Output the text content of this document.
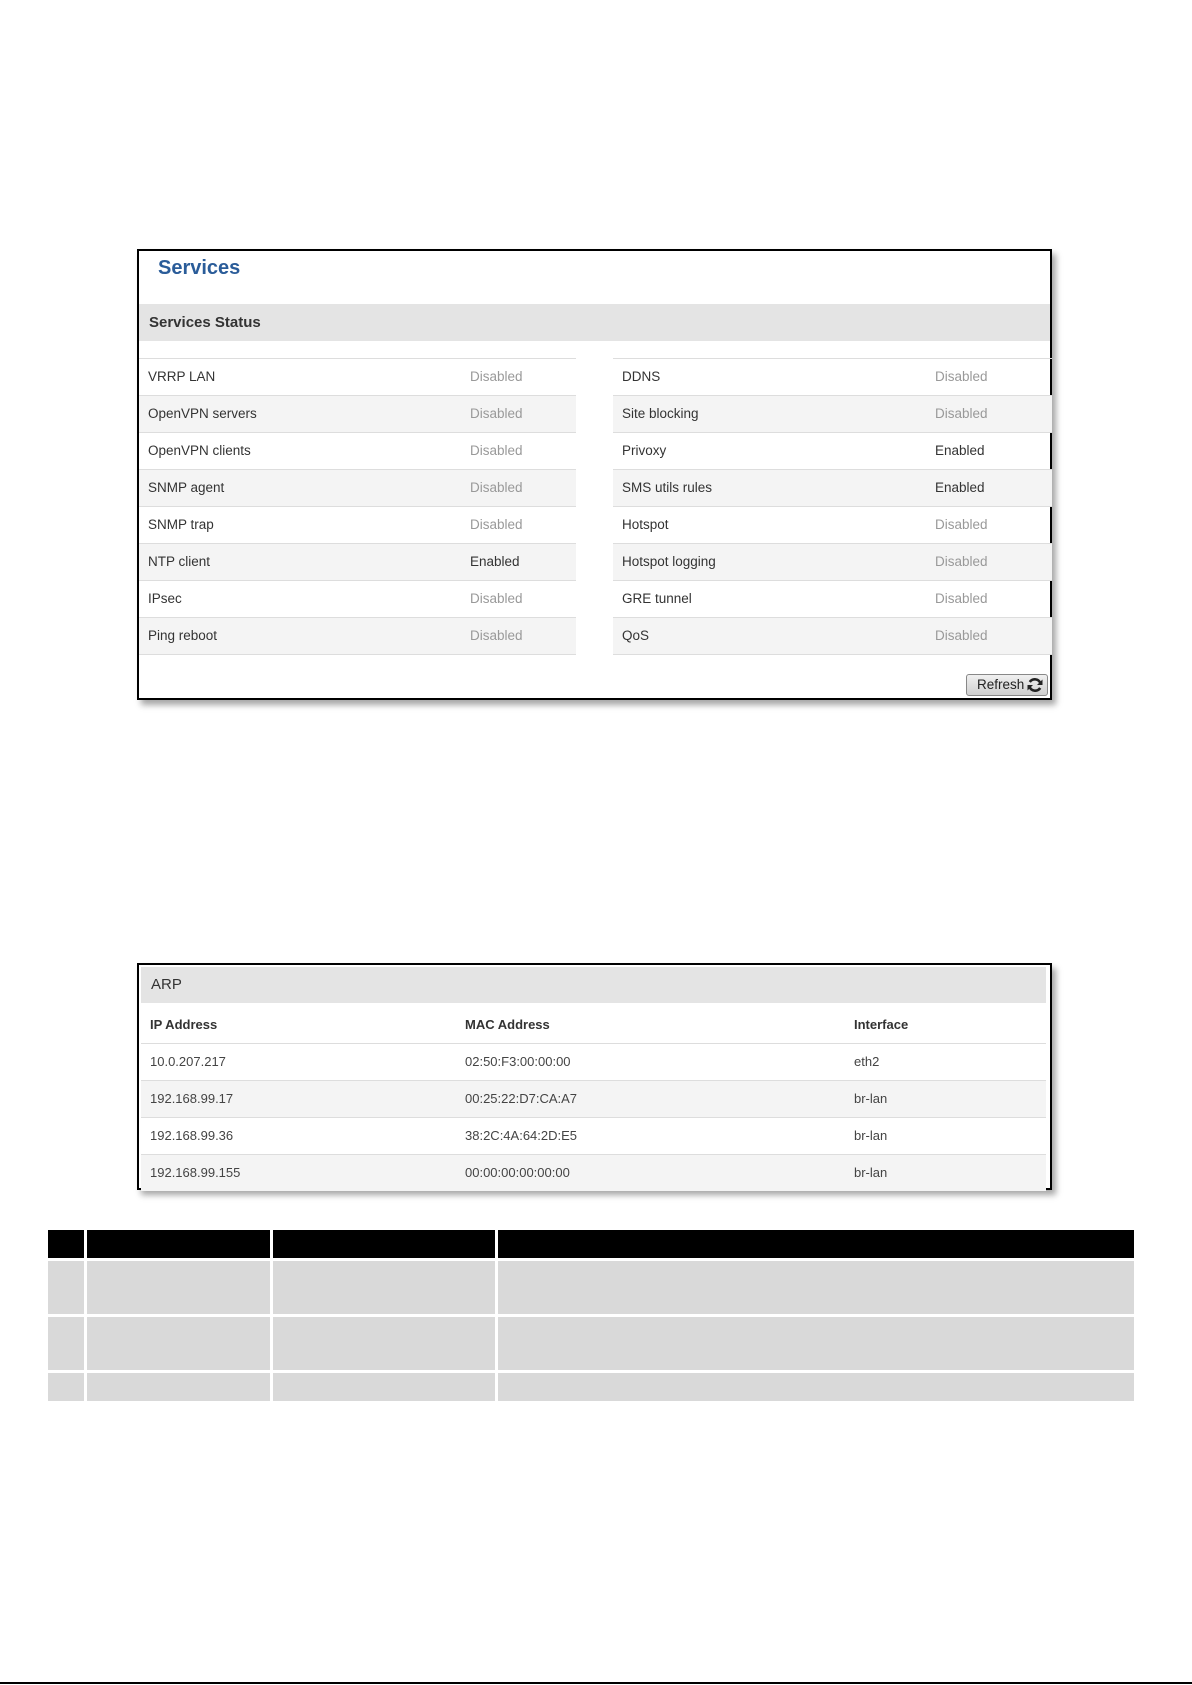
Services
Services Status
VRRP LAN	Disabled
OpenVPN servers	Disabled
OpenVPN clients	Disabled
SNMP agent	Disabled
SNMP trap	Disabled
NTP client	Enabled
IPsec	Disabled
Ping reboot	Disabled
DDNS	Disabled
Site blocking	Disabled
Privoxy	Enabled
SMS utils rules	Enabled
Hotspot	Disabled
Hotspot logging	Disabled
GRE tunnel	Disabled
QoS	Disabled
Refresh
ARP
IP Address	MAC Address	Interface
10.0.207.217	02:50:F3:00:00:00	eth2
192.168.99.17	00:25:22:D7:CA:A7	br-lan
192.168.99.36	38:2C:4A:64:2D:E5	br-lan
192.168.99.155	00:00:00:00:00:00	br-lan
